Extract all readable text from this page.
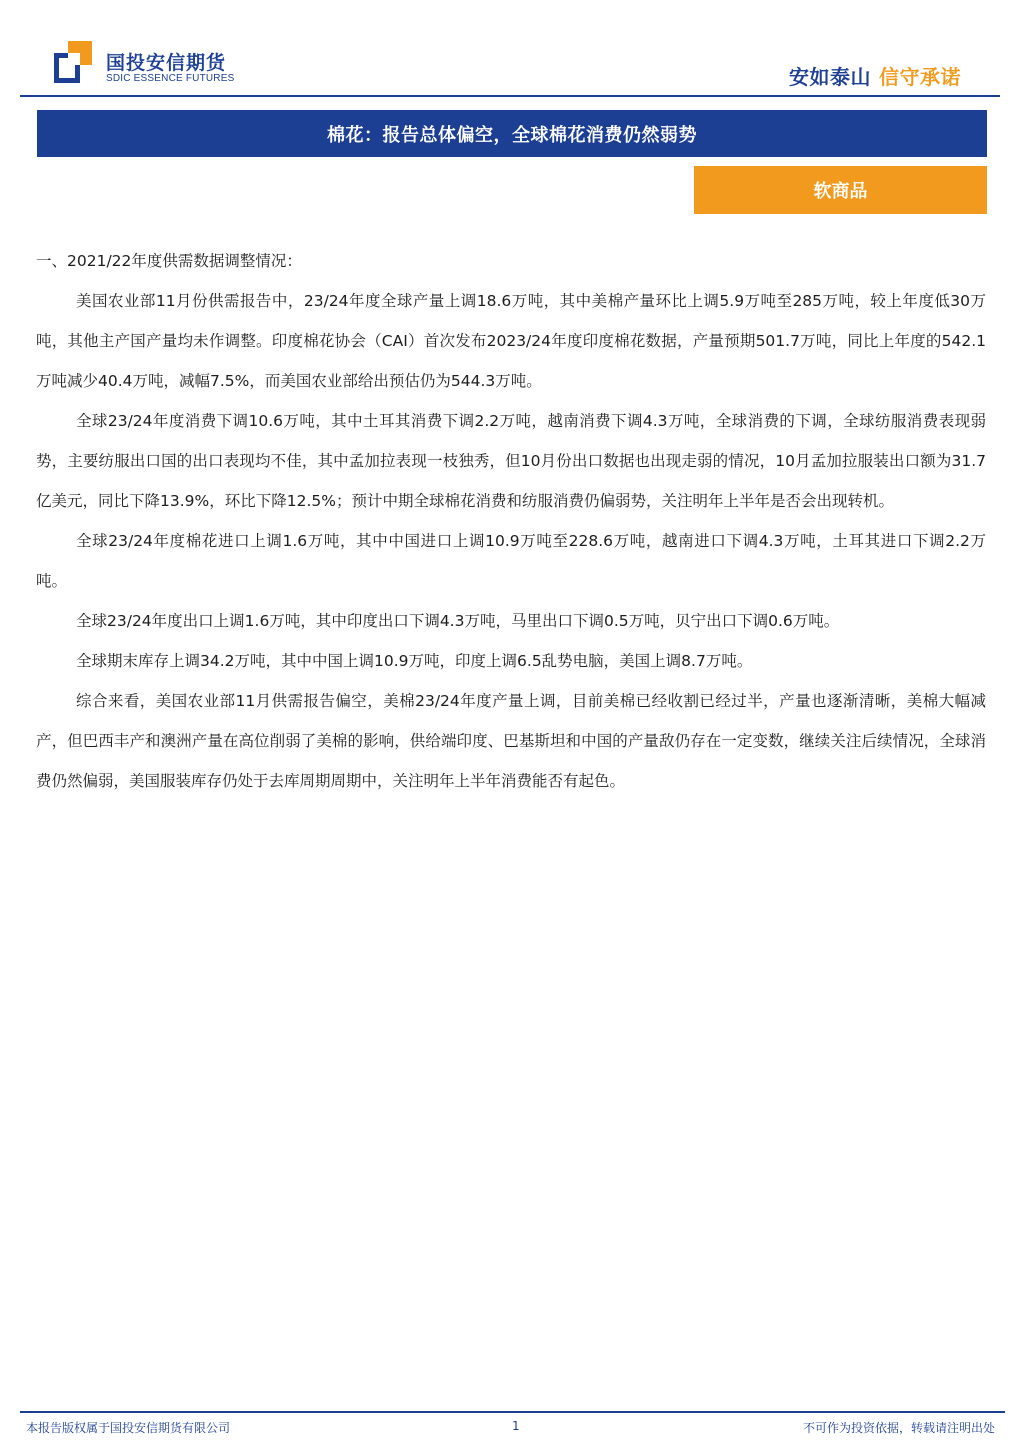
国投安信期货
SDIC ESSENCE FUTURES	安如泰山 信守承诺
棉花：报告总体偏空，全球棉花消费仍然弱势
软商品

一、2021/22年度供需数据调整情况：

美国农业部11月份供需报告中，23/24年度全球产量上调18.6万吨，其中美棉产量环比上调5.9万吨至285万吨，较上年度低30万吨，其他主产国产量均未作调整。印度棉花协会（CAI）首次发布2023/24年度印度棉花数据，产量预期501.7万吨，同比上年度的542.1万吨减少40.4万吨，减幅7.5%，而美国农业部给出预估仍为544.3万吨。

全球23/24年度消费下调10.6万吨，其中土耳其消费下调2.2万吨，越南消费下调4.3万吨，全球消费的下调，全球纺服消费表现弱势，主要纺服出口国的出口表现均不佳，其中孟加拉表现一枝独秀，但10月份出口数据也出现走弱的情况，10月孟加拉服装出口额为31.7亿美元，同比下降13.9%，环比下降12.5%；预计中期全球棉花消费和纺服消费仍偏弱势，关注明年上半年是否会出现转机。

全球23/24年度棉花进口上调1.6万吨，其中中国进口上调10.9万吨至228.6万吨，越南进口下调4.3万吨，土耳其进口下调2.2万吨。

全球23/24年度出口上调1.6万吨，其中印度出口下调4.3万吨，马里出口下调0.5万吨，贝宁出口下调0.6万吨。

全球期末库存上调34.2万吨，其中中国上调10.9万吨，印度上调6.5乱势电脑，美国上调8.7万吨。

综合来看，美国农业部11月供需报告偏空，美棉23/24年度产量上调，目前美棉已经收割已经过半，产量也逐渐清晰，美棉大幅减产，但巴西丰产和澳洲产量在高位削弱了美棉的影响，供给端印度、巴基斯坦和中国的产量敌仍存在一定变数，继续关注后续情况，全球消费仍然偏弱，美国服装库存仍处于去库周期周期中，关注明年上半年消费能否有起色。

本报告版权属于国投安信期货有限公司	1	不可作为投资依据，转载请注明出处
